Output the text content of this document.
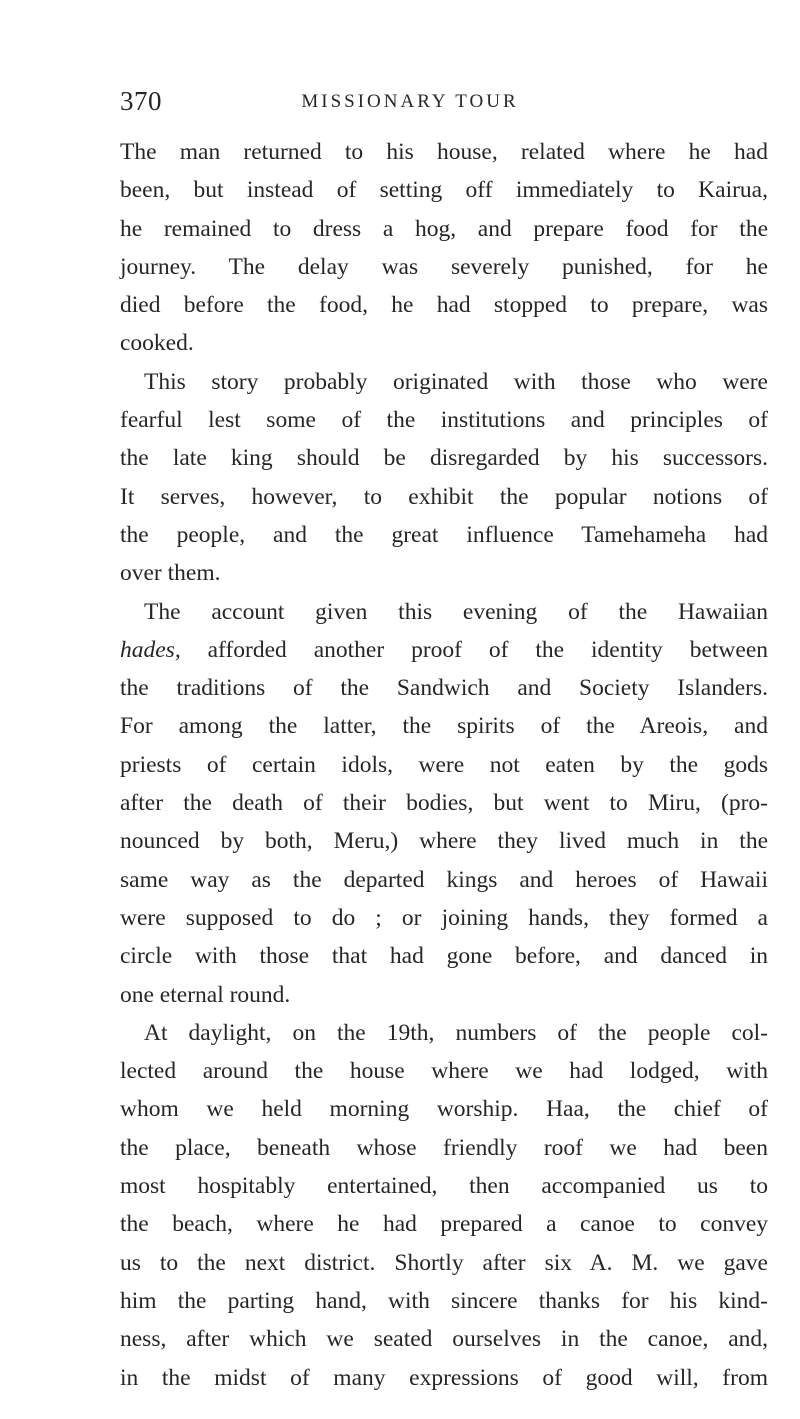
370	MISSIONARY TOUR
The man returned to his house, related where he had
been, but instead of setting off immediately to Kairua,
he remained to dress a hog, and prepare food for the
journey. The delay was severely punished, for he
died before the food, he had stopped to prepare, was
cooked.
This story probably originated with those who were
fearful lest some of the institutions and principles of
the late king should be disregarded by his successors.
It serves, however, to exhibit the popular notions of
the people, and the great influence Tamehameha had
over them.
The account given this evening of the Hawaiian
hades, afforded another proof of the identity between
the traditions of the Sandwich and Society Islanders.
For among the latter, the spirits of the Areois, and
priests of certain idols, were not eaten by the gods
after the death of their bodies, but went to Miru, (pro-
nounced by both, Meru,) where they lived much in the
same way as the departed kings and heroes of Hawaii
were supposed to do ; or joining hands, they formed a
circle with those that had gone before, and danced in
one eternal round.
At daylight, on the 19th, numbers of the people col-
lected around the house where we had lodged, with
whom we held morning worship. Haa, the chief of
the place, beneath whose friendly roof we had been
most hospitably entertained, then accompanied us to
the beach, where he had prepared a canoe to convey
us to the next district. Shortly after six A. M. we gave
him the parting hand, with sincere thanks for his kind-
ness, after which we seated ourselves in the canoe, and,
in the midst of many expressions of good will, from
